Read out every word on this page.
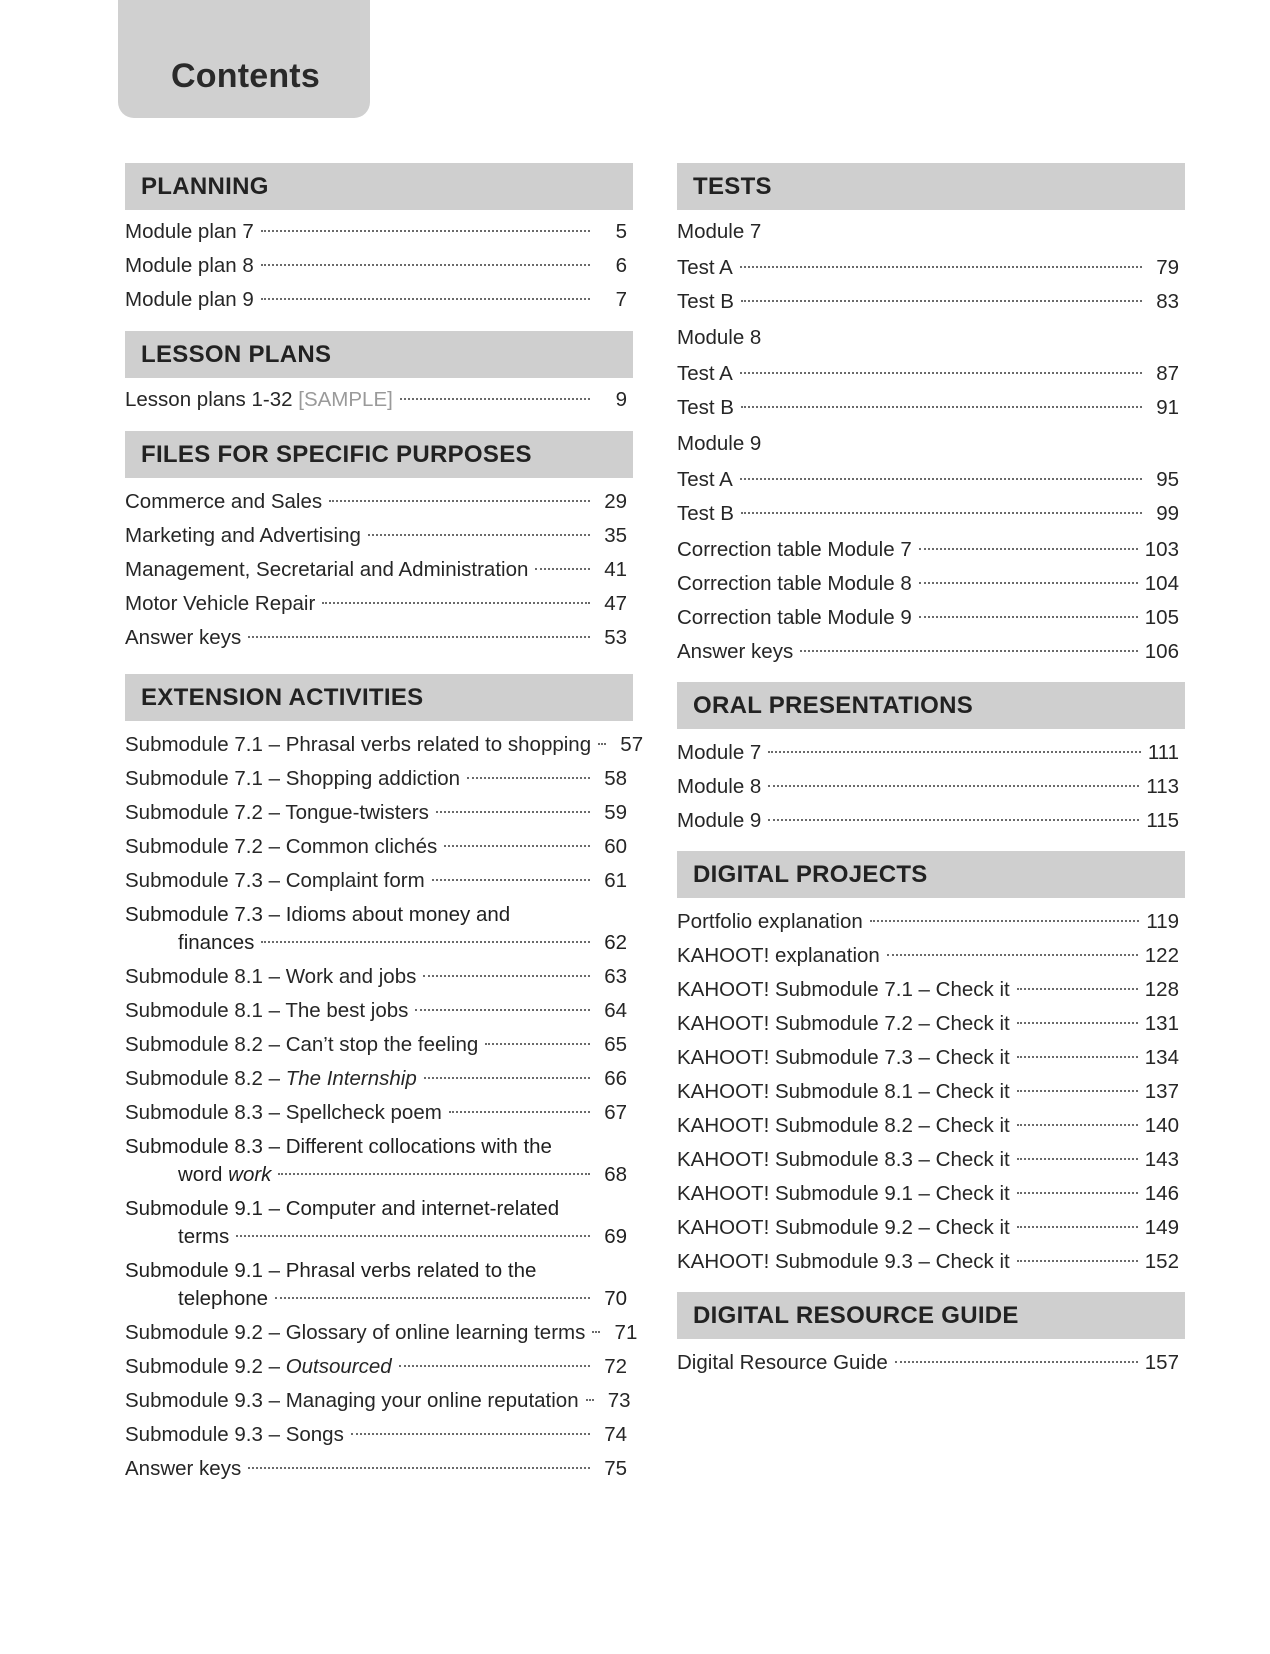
Contents
PLANNING
Module plan 7	5
Module plan 8	6
Module plan 9	7
LESSON PLANS
Lesson plans 1-32 [SAMPLE]	9
FILES FOR SPECIFIC PURPOSES
Commerce and Sales	29
Marketing and Advertising	35
Management, Secretarial and Administration	41
Motor Vehicle Repair	47
Answer keys	53
EXTENSION ACTIVITIES
Submodule 7.1 – Phrasal verbs related to shopping	57
Submodule 7.1 – Shopping addiction	58
Submodule 7.2 – Tongue-twisters	59
Submodule 7.2 – Common clichés	60
Submodule 7.3 – Complaint form	61
Submodule 7.3 – Idioms about money and
finances	62
Submodule 8.1 – Work and jobs	63
Submodule 8.1 – The best jobs	64
Submodule 8.2 – Can’t stop the feeling	65
Submodule 8.2 – The Internship	66
Submodule 8.3 – Spellcheck poem	67
Submodule 8.3 – Different collocations with the
word work	68
Submodule 9.1 – Computer and internet-related
terms	69
Submodule 9.1 – Phrasal verbs related to the
telephone	70
Submodule 9.2 – Glossary of online learning terms	71
Submodule 9.2 – Outsourced	72
Submodule 9.3 – Managing your online reputation	73
Submodule 9.3 – Songs	74
Answer keys	75
TESTS
Module 7
Test A	79
Test B	83
Module 8
Test A	87
Test B	91
Module 9
Test A	95
Test B	99
Correction table Module 7	103
Correction table Module 8	104
Correction table Module 9	105
Answer keys	106
ORAL PRESENTATIONS
Module 7	111
Module 8	113
Module 9	115
DIGITAL PROJECTS
Portfolio explanation	119
KAHOOT! explanation	122
KAHOOT! Submodule 7.1 – Check it	128
KAHOOT! Submodule 7.2 – Check it	131
KAHOOT! Submodule 7.3 – Check it	134
KAHOOT! Submodule 8.1 – Check it	137
KAHOOT! Submodule 8.2 – Check it	140
KAHOOT! Submodule 8.3 – Check it	143
KAHOOT! Submodule 9.1 – Check it	146
KAHOOT! Submodule 9.2 – Check it	149
KAHOOT! Submodule 9.3 – Check it	152
DIGITAL RESOURCE GUIDE
Digital Resource Guide	157
